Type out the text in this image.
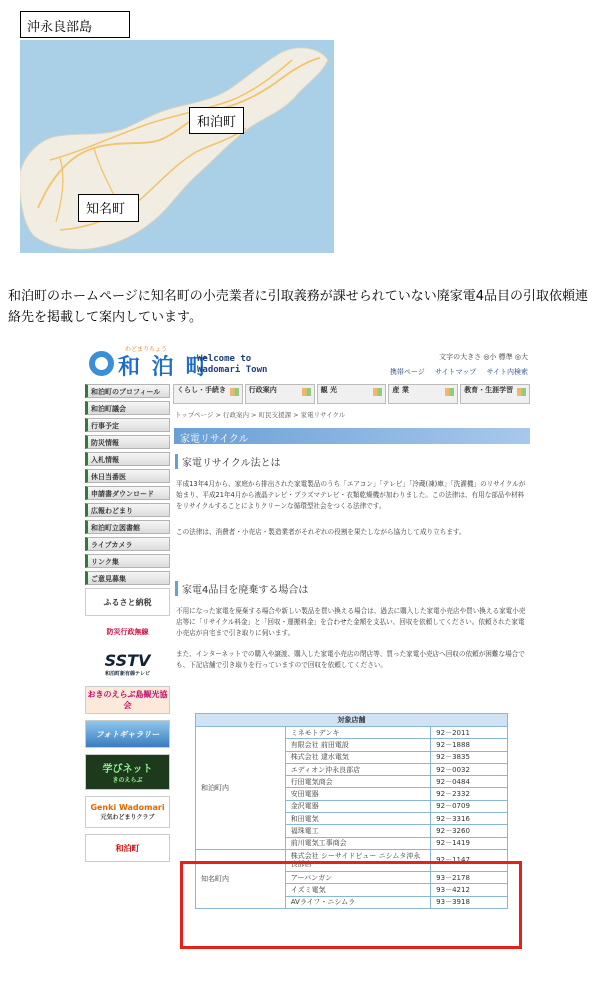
沖永良部島
和泊町
知名町
和泊町のホームページに知名町の小売業者に引取義務が課せられていない廃家電4品目の引取依頼連絡先を掲載して案内しています。
わどまりちょう
和 泊 町
Welcome to
Wadomari Town
文字の大きさ ◎小 標準 ◎大
携帯ページ サイトマップ サイト内検索
和泊町のプロフィール
和泊町議会
行事予定
防災情報
入札情報
休日当番医
申請書ダウンロード
広報わどまり
和泊町立図書館
ライブカメラ
リンク集
ご意見募集
ふるさと納税
防災行政無線
SSTV
和泊町新有線テレビ
おきのえらぶ島観光協会
フォトギャラリー
学びネット
きのえらぶ
Genki Wadomari
元気わどまりクラブ
和泊町
くらし・手続き	行政案内	観 光	産 業	教育・生涯学習
トップページ > 行政案内 > 町民支援課 > 家電リサイクル
家電リサイクル
家電リサイクル法とは
平成13年4月から、家庭から排出された家電製品のうち「エアコン」「テレビ」「冷蔵(凍)庫」「洗濯機」のリサイクルが始まり、平成21年4月から液晶テレビ・プラズマテレビ・衣類乾燥機が加わりました。この法律は、有用な部品や材料をリサイクルすることによりクリーンな循環型社会をつくる法律です。
この法律は、消費者・小売店・製造業者がそれぞれの役割を果たしながら協力して成り立ちます。
家電4品目を廃棄する場合は
不用になった家電を廃棄する場合や新しい製品を買い換える場合は、過去に購入した家電小売店や買い換える家電小売店等に「リサイクル料金」と「回収・運搬料金」を合わせた金額を支払い、回収を依頼してください。依頼された家電小売店が自宅まで引き取りに伺います。
また、インターネットでの購入や譲渡、購入した家電小売店の閉店等、買った家電小売店へ回収の依頼が困難な場合でも、下記店舗で引き取りを行っていますので回収を依頼してください。
対象店舗		
和泊町内	ミネモトデンキ	92－2011
	有限会社 前田電設	92－1888
	株式会社 逮水電気	92－3835
	エディオン沖永良部店	92－0032
	行田電気商会	92－0484
	安田電器	92－2332
	金沢電器	92－0709
	和田電気	92－3316
	福珠電工	92－3260
	前川電気工事商会	92－1419
知名町内	株式会社 シーサイドビュー ニシムタ沖永良部店	92－1147
	アーバンガン	93－2178
	イズミ電気	93－4212
	AVライフ・ニシムラ	93－3918
